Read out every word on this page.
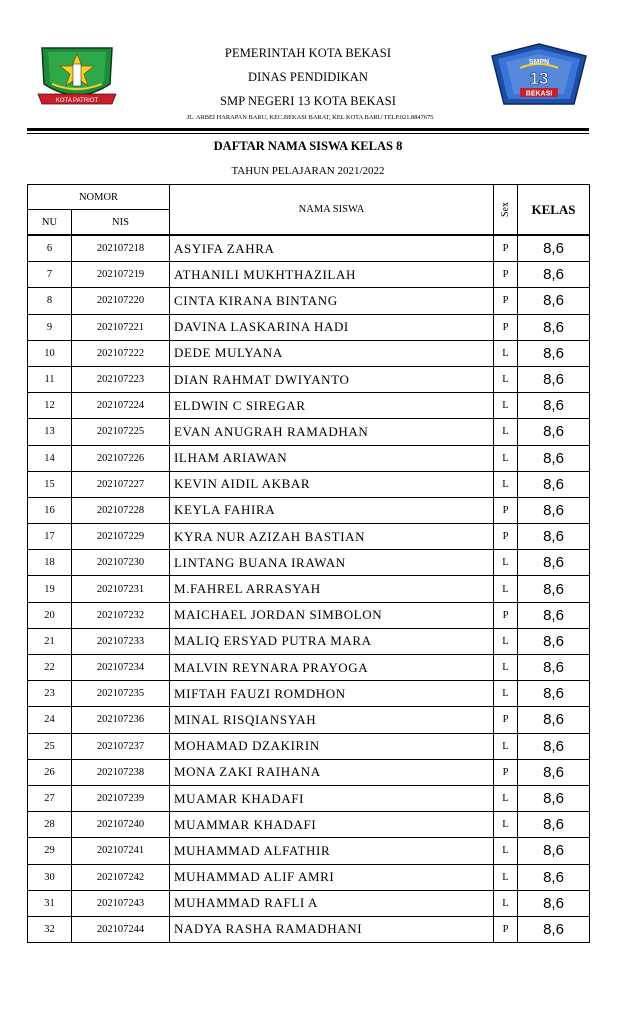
KOTA PATRIOT
SMPN
13
BEKASI
PEMERINTAH KOTA BEKASI
DINAS PENDIDIKAN
SMP NEGERI 13 KOTA BEKASI
JL. ARBEI HARAPAN BARU, KEC.BEKASI BARAT, KEL KOTA BARU TELP.021.8847675
DAFTAR NAMA SISWA KELAS 8
TAHUN PELAJARAN 2021/2022
NOMOR		NAMA SISWA	Sex	KELAS
NU	NIS			
6	202107218	ASYIFA ZAHRA	P	8,6
7	202107219	ATHANILI MUKHTHAZILAH	P	8,6
8	202107220	CINTA KIRANA BINTANG	P	8,6
9	202107221	DAVINA LASKARINA HADI	P	8,6
10	202107222	DEDE MULYANA	L	8,6
11	202107223	DIAN RAHMAT DWIYANTO	L	8,6
12	202107224	ELDWIN C SIREGAR	L	8,6
13	202107225	EVAN ANUGRAH RAMADHAN	L	8,6
14	202107226	ILHAM ARIAWAN	L	8,6
15	202107227	KEVIN AIDIL AKBAR	L	8,6
16	202107228	KEYLA FAHIRA	P	8,6
17	202107229	KYRA NUR AZIZAH BASTIAN	P	8,6
18	202107230	LINTANG BUANA IRAWAN	L	8,6
19	202107231	M.FAHREL ARRASYAH	L	8,6
20	202107232	MAICHAEL JORDAN SIMBOLON	P	8,6
21	202107233	MALIQ ERSYAD PUTRA MARA	L	8,6
22	202107234	MALVIN REYNARA PRAYOGA	L	8,6
23	202107235	MIFTAH FAUZI ROMDHON	L	8,6
24	202107236	MINAL RISQIANSYAH	P	8,6
25	202107237	MOHAMAD DZAKIRIN	L	8,6
26	202107238	MONA ZAKI RAIHANA	P	8,6
27	202107239	MUAMAR KHADAFI	L	8,6
28	202107240	MUAMMAR KHADAFI	L	8,6
29	202107241	MUHAMMAD ALFATHIR	L	8,6
30	202107242	MUHAMMAD ALIF AMRI	L	8,6
31	202107243	MUHAMMAD RAFLI A	L	8,6
32	202107244	NADYA RASHA RAMADHANI	P	8,6
